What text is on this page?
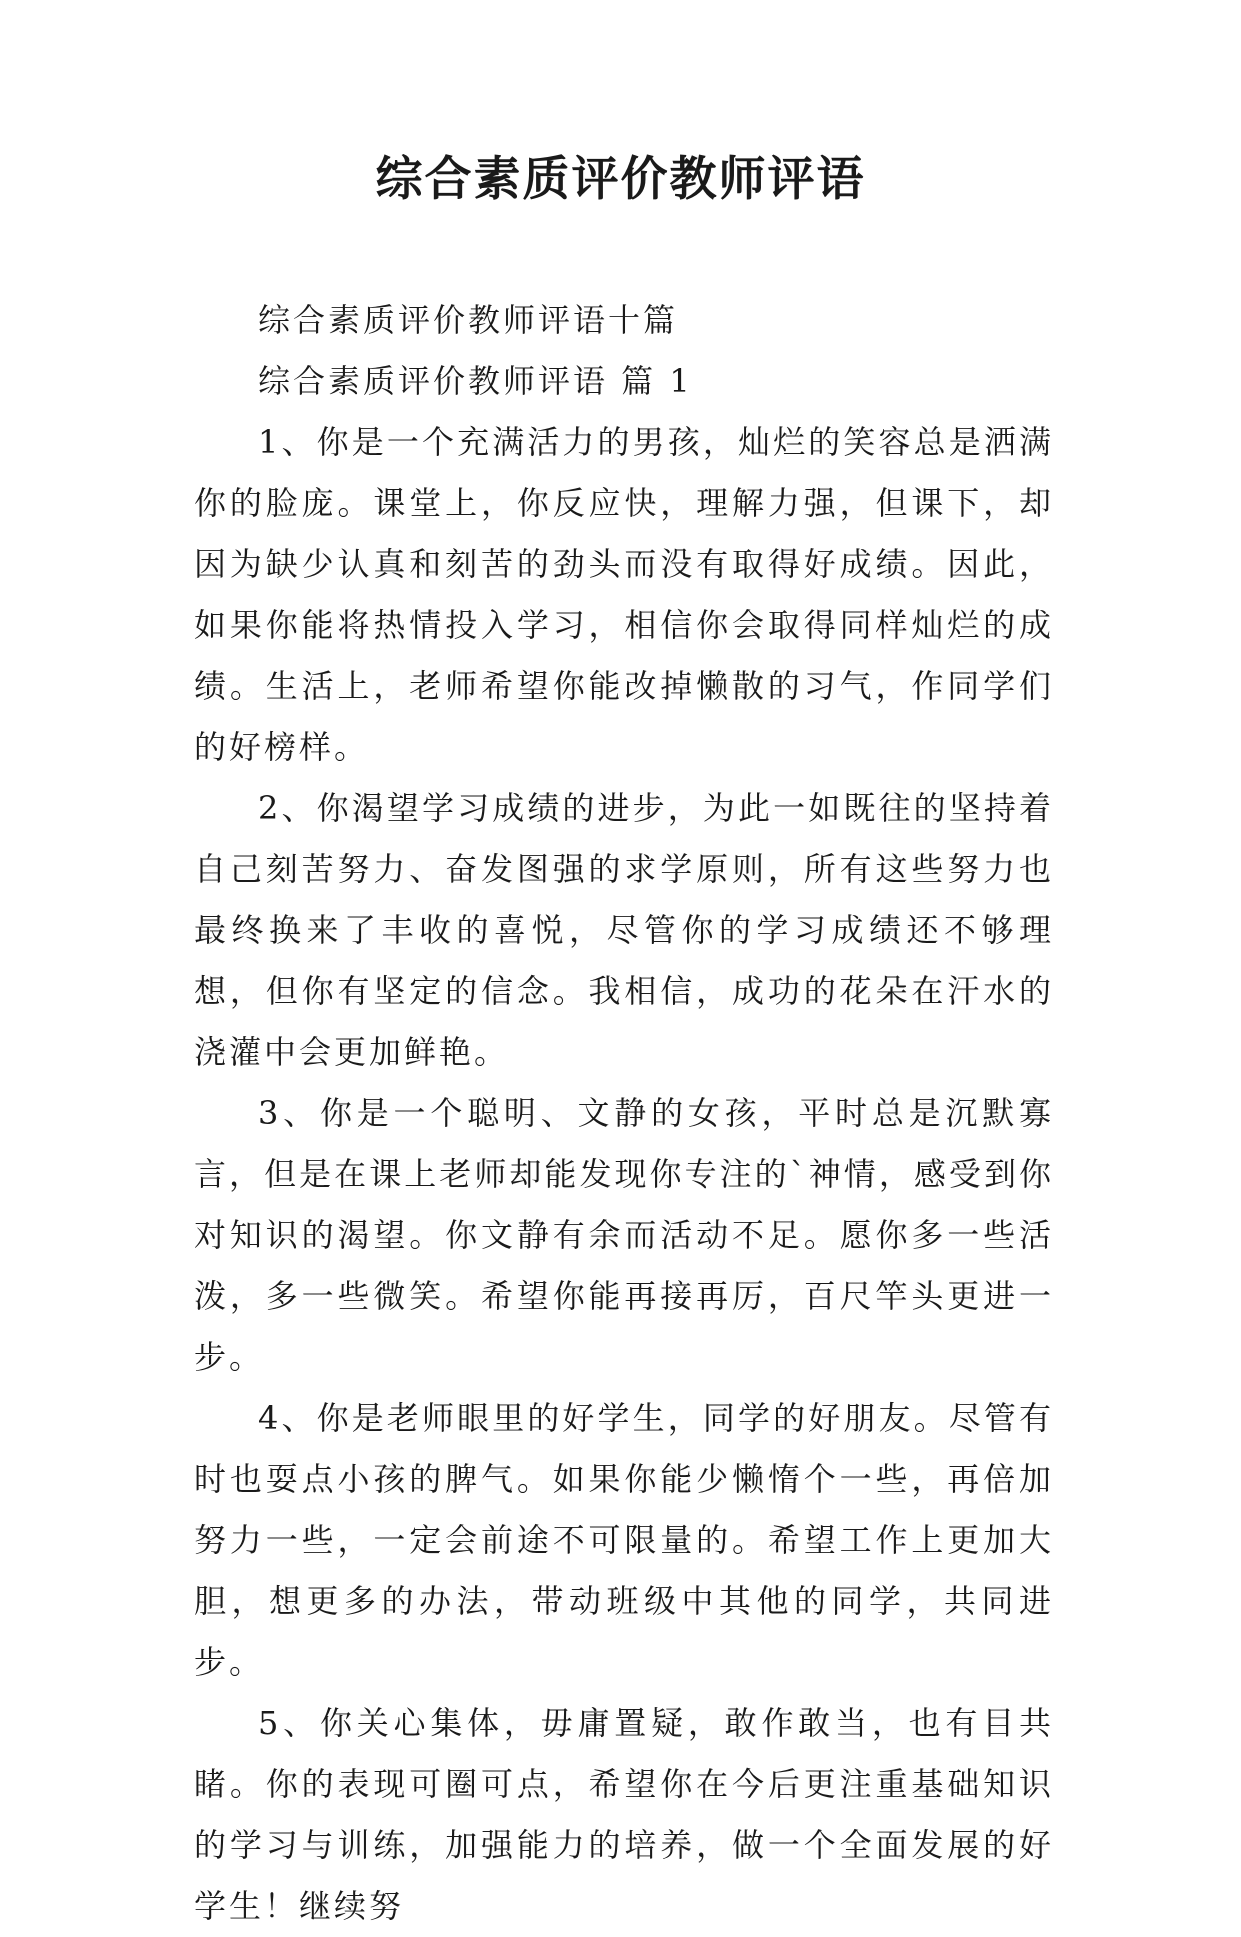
综合素质评价教师评语

综合素质评价教师评语十篇

综合素质评价教师评语 篇 1

1、你是一个充满活力的男孩，灿烂的笑容总是洒满你的脸庞。课堂上，你反应快，理解力强，但课下，却因为缺少认真和刻苦的劲头而没有取得好成绩。因此，如果你能将热情投入学习，相信你会取得同样灿烂的成绩。生活上，老师希望你能改掉懒散的习气，作同学们的好榜样。

2、你渴望学习成绩的进步，为此一如既往的坚持着自己刻苦努力、奋发图强的求学原则，所有这些努力也最终换来了丰收的喜悦，尽管你的学习成绩还不够理想，但你有坚定的信念。我相信，成功的花朵在汗水的浇灌中会更加鲜艳。

3、你是一个聪明、文静的女孩，平时总是沉默寡言，但是在课上老师却能发现你专注的`神情，感受到你对知识的渴望。你文静有余而活动不足。愿你多一些活泼，多一些微笑。希望你能再接再厉，百尺竿头更进一步。

4、你是老师眼里的好学生，同学的好朋友。尽管有时也耍点小孩的脾气。如果你能少懒惰个一些，再倍加努力一些，一定会前途不可限量的。希望工作上更加大胆，想更多的办法，带动班级中其他的同学，共同进步。

5、你关心集体，毋庸置疑，敢作敢当，也有目共睹。你的表现可圈可点，希望你在今后更注重基础知识的学习与训练，加强能力的培养，做一个全面发展的好学生！继续努
